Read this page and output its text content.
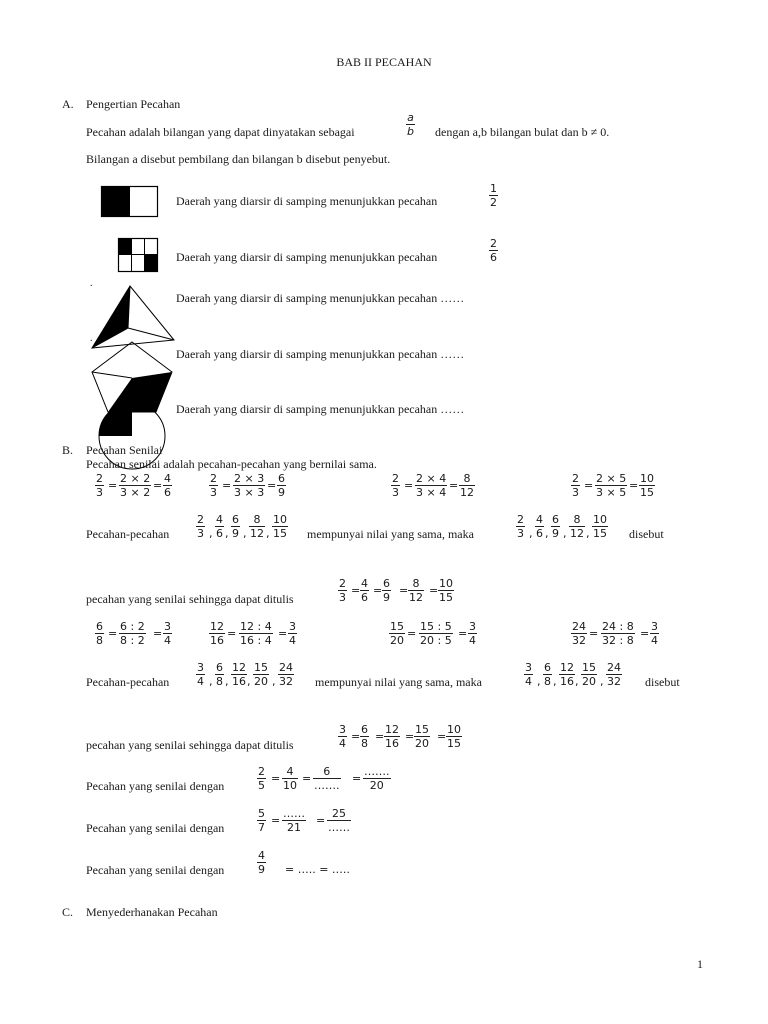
BAB II PECAHAN
A. Pengertian Pecahan
Pecahan adalah bilangan yang dapat dinyatakan sebagai
a
b dengan a,b bilangan bulat dan b ≠ 0.
Bilangan a disebut pembilang dan bilangan b disebut penyebut.
Daerah yang diarsir di samping menunjukkan pecahan
1
2
Daerah yang diarsir di samping menunjukkan pecahan
2
6
.
Daerah yang diarsir di samping menunjukkan pecahan ……
.
Daerah yang diarsir di samping menunjukkan pecahan ……
Daerah yang diarsir di samping menunjukkan pecahan ……
B. Pecahan Senilai
Pecahan senilai adalah pecahan-pecahan yang bernilai sama.
2
3
=
2 × 2
3 × 2
=
4
6
2
3
=
2 × 3
3 × 3
=
6
9
2
3
=
2 × 4
3 × 4
=
8
12
2
3
=
2 × 5
3 × 5
=
10
15
Pecahan-pecahan
2
3 ,
4
6 ,
6
9 ,
8
12 ,
10
15 mempunyai nilai yang sama, maka
2
3 ,
4
6 ,
6
9 ,
8
12 ,
10
15 disebut
pecahan yang senilai sehingga dapat ditulis
2
3
=
4
6
=
6
9
=
8
12
=
10
15
6
8
=
6 : 2
8 : 2
=
3
4
12
16
=
12 : 4
16 : 4
=
3
4
15
20
=
15 : 5
20 : 5
=
3
4
24
32
=
24 : 8
32 : 8
=
3
4
Pecahan-pecahan
3
4 ,
6
8 ,
12
16 ,
15
20 ,
24
32 mempunyai nilai yang sama, maka
3
4 ,
6
8 ,
12
16 ,
15
20 ,
24
32 disebut
pecahan yang senilai sehingga dapat ditulis
3
4
=
6
8
=
12
16
=
15
20
=
10
15
Pecahan yang senilai dengan
2
5
=
4
10
=
6
…….
=
…….
20
Pecahan yang senilai dengan
5
7
=
……
21
=
25
……
Pecahan yang senilai dengan
4
9 = ….. = …..
C. Menyederhanakan Pecahan
1
